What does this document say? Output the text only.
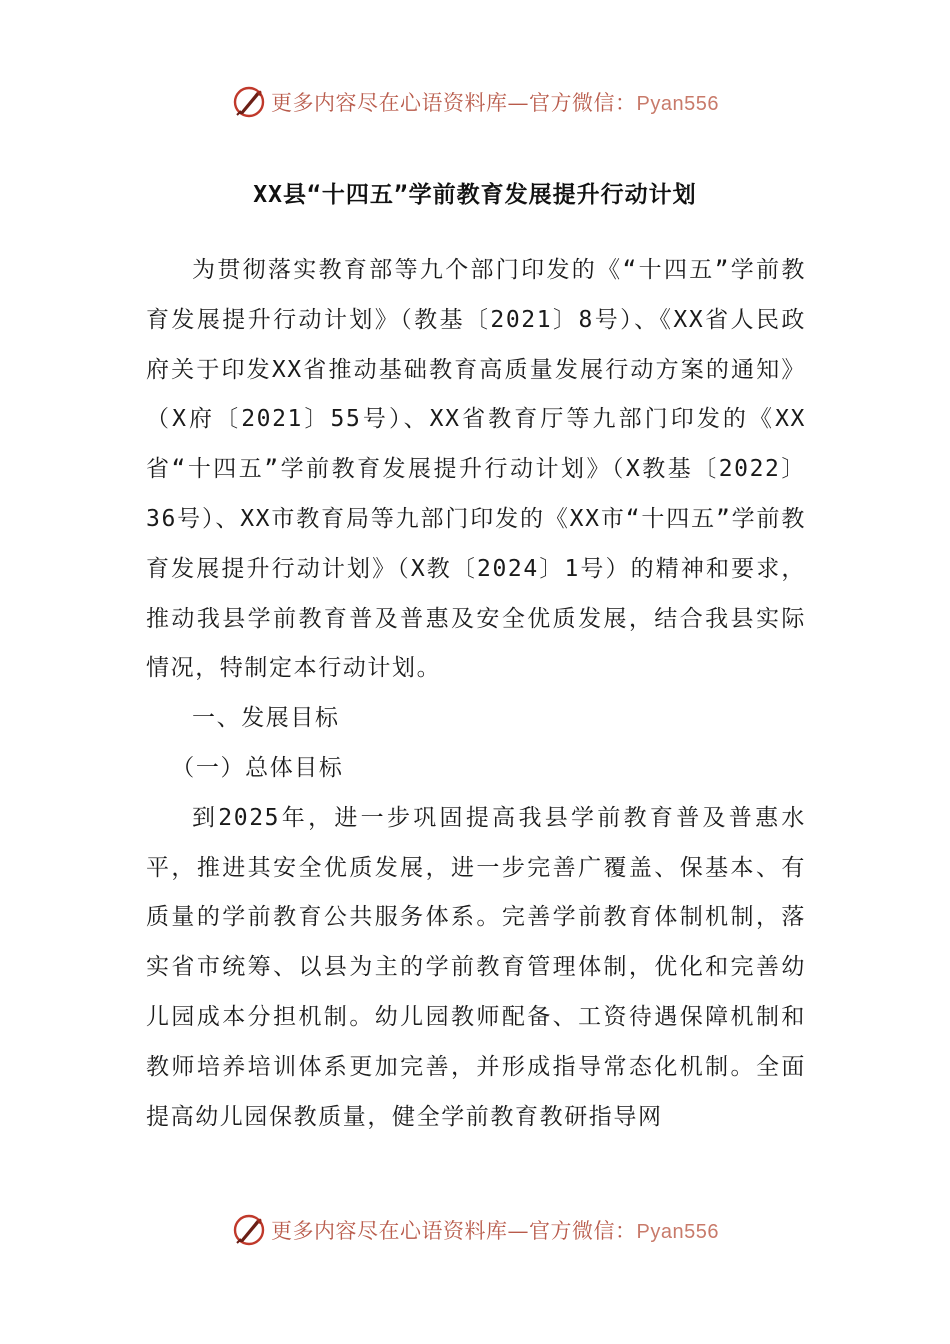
更多内容尽在心语资料库—官方微信：Pyan556
XX县“十四五”学前教育发展提升行动计划

为贯彻落实教育部等九个部门印发的《“十四五”学前教育发展提升行动计划》（教基〔2021〕8号）、《XX省人民政府关于印发XX省推动基础教育高质量发展行动方案的通知》（X府〔2021〕55号）、XX省教育厅等九部门印发的《XX省“十四五”学前教育发展提升行动计划》（X教基〔2022〕36号）、XX市教育局等九部门印发的《XX市“十四五”学前教育发展提升行动计划》（X教〔2024〕1号）的精神和要求，推动我县学前教育普及普惠及安全优质发展，结合我县实际情况，特制定本行动计划。

一、发展目标

（一）总体目标

到2025年，进一步巩固提高我县学前教育普及普惠水平，推进其安全优质发展，进一步完善广覆盖、保基本、有质量的学前教育公共服务体系。完善学前教育体制机制，落实省市统筹、以县为主的学前教育管理体制，优化和完善幼儿园成本分担机制。幼儿园教师配备、工资待遇保障机制和教师培养培训体系更加完善，并形成指导常态化机制。全面提高幼儿园保教质量，健全学前教育教研指导网

更多内容尽在心语资料库—官方微信：Pyan556
